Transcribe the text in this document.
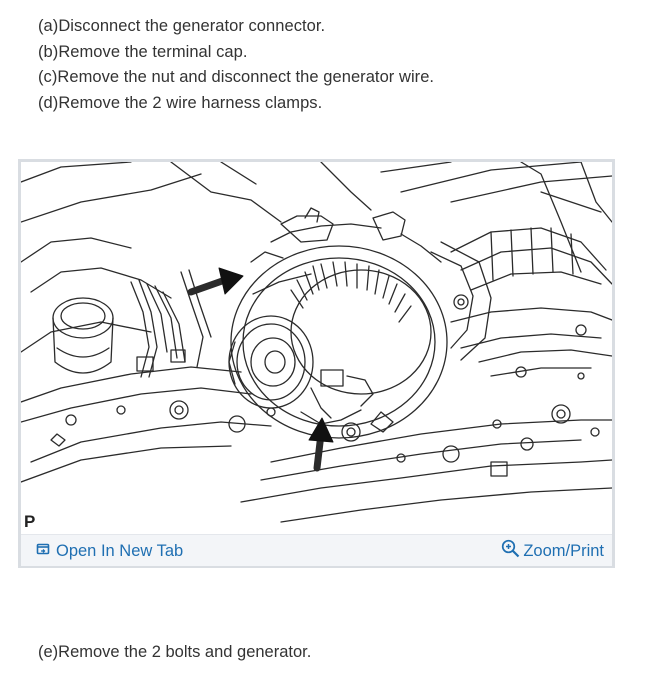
(a)Disconnect the generator connector.
(b)Remove the terminal cap.
(c)Remove the nut and disconnect the generator wire.
(d)Remove the 2 wire harness clamps.
P
Open In New Tab	Zoom/Print
(e)Remove the 2 bolts and generator.
